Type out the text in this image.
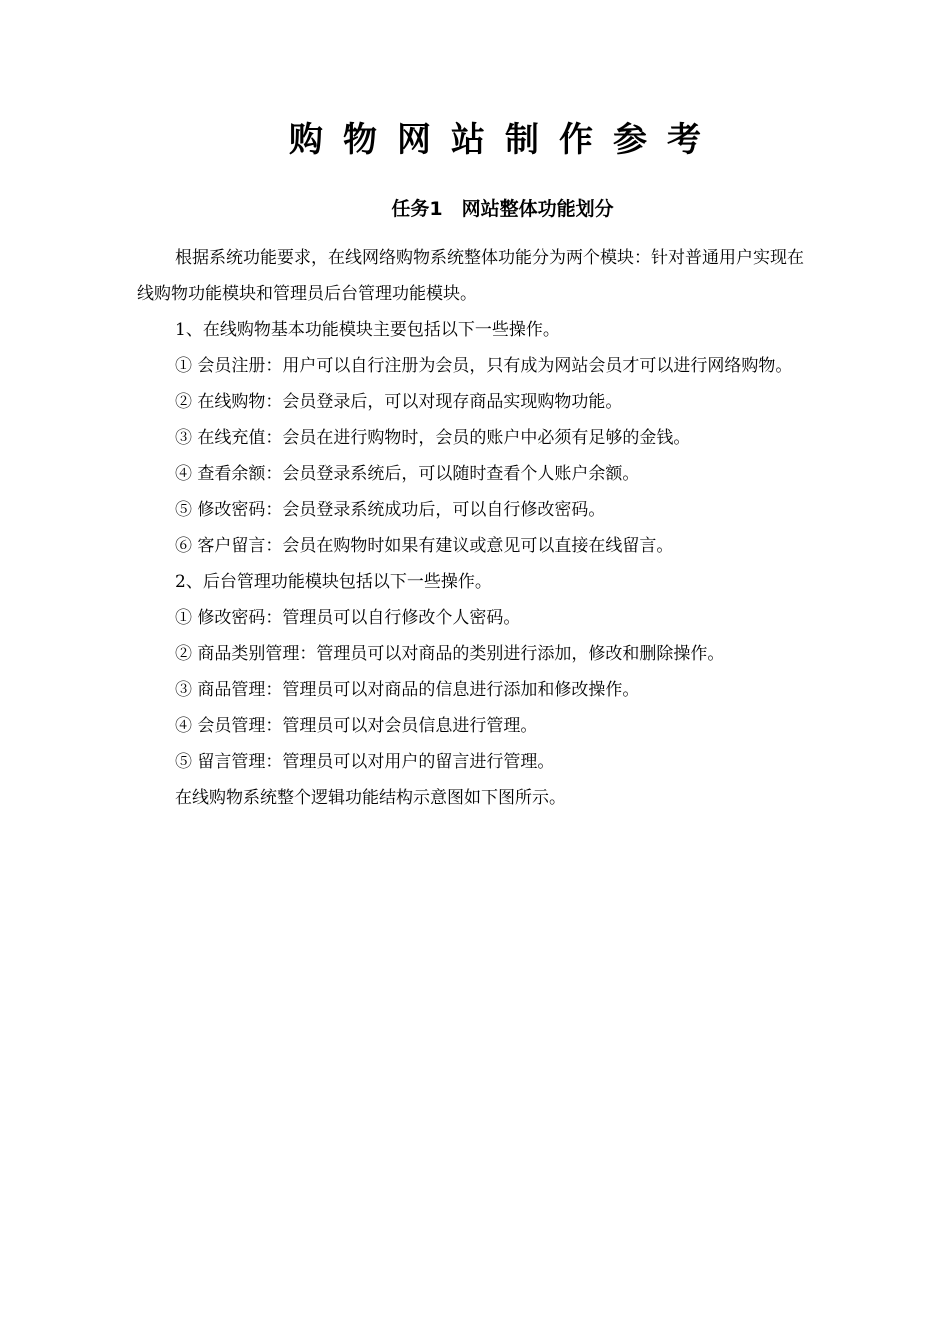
购物网站制作参考
任务1　网站整体功能划分

根据系统功能要求，在线网络购物系统整体功能分为两个模块：针对普通用户实现在线购物功能模块和管理员后台管理功能模块。

1、在线购物基本功能模块主要包括以下一些操作。

① 会员注册：用户可以自行注册为会员，只有成为网站会员才可以进行网络购物。

② 在线购物：会员登录后，可以对现存商品实现购物功能。

③ 在线充值：会员在进行购物时，会员的账户中必须有足够的金钱。

④ 查看余额：会员登录系统后，可以随时查看个人账户余额。

⑤ 修改密码：会员登录系统成功后，可以自行修改密码。

⑥ 客户留言：会员在购物时如果有建议或意见可以直接在线留言。

2、后台管理功能模块包括以下一些操作。

① 修改密码：管理员可以自行修改个人密码。

② 商品类别管理：管理员可以对商品的类别进行添加，修改和删除操作。

③ 商品管理：管理员可以对商品的信息进行添加和修改操作。

④ 会员管理：管理员可以对会员信息进行管理。

⑤ 留言管理：管理员可以对用户的留言进行管理。

在线购物系统整个逻辑功能结构示意图如下图所示。
